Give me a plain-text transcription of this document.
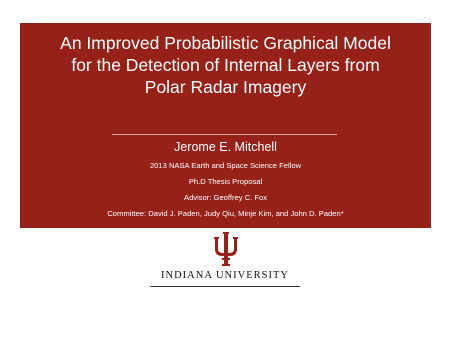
An Improved Probabilistic Graphical Model
for the Detection of Internal Layers from
Polar Radar Imagery
Jerome E. Mitchell
2013 NASA Earth and Space Science Fellow
Ph.D Thesis Proposal
Advisor: Geoffrey C. Fox
Committee: David J. Paden, Judy Qiu, Minje Kim, and John D. Paden*
INDIANA UNIVERSITY
